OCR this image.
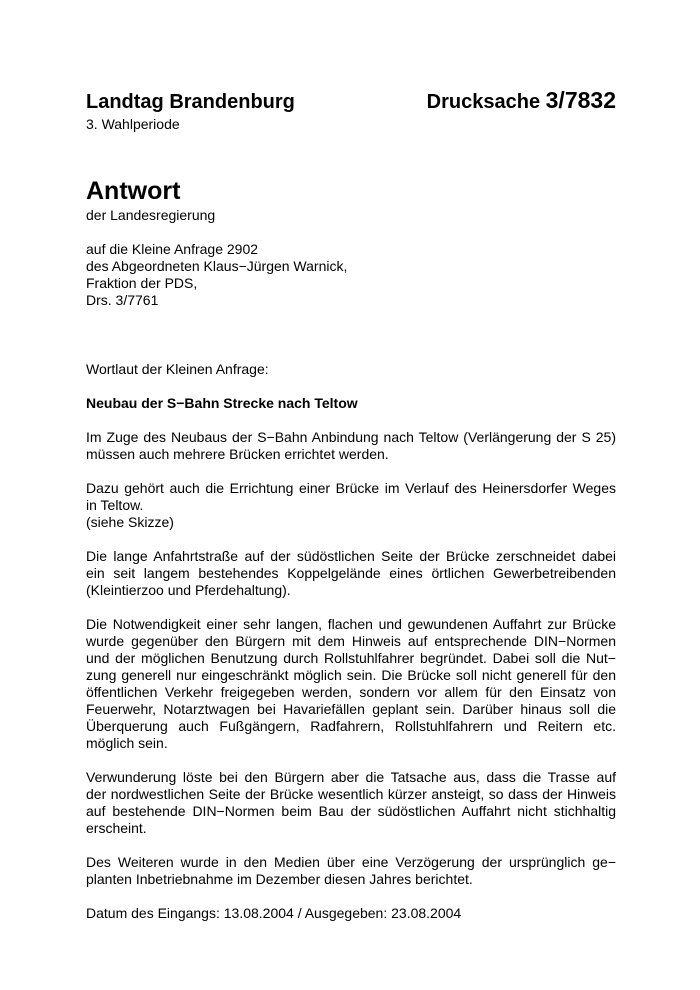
Landtag Brandenburg	Drucksache 3/7832
3. Wahlperiode
Antwort
der Landesregierung
auf die Kleine Anfrage 2902
des Abgeordneten Klaus−Jürgen Warnick,
Fraktion der PDS,
Drs. 3/7761
Wortlaut der Kleinen Anfrage:
Neubau der S−Bahn Strecke nach Teltow
Im Zuge des Neubaus der S−Bahn Anbindung nach Teltow (Verlängerung der S 25)
müssen auch mehrere Brücken errichtet werden.
Dazu gehört auch die Errichtung einer Brücke im Verlauf des Heinersdorfer Weges
in Teltow.
(siehe Skizze)
Die lange Anfahrtstraße auf der südöstlichen Seite der Brücke zerschneidet dabei
ein seit langem bestehendes Koppelgelände eines örtlichen Gewerbetreibenden
(Kleintierzoo und Pferdehaltung).
Die Notwendigkeit einer sehr langen, flachen und gewundenen Auffahrt zur Brücke
wurde gegenüber den Bürgern mit dem Hinweis auf entsprechende DIN−Normen
und der möglichen Benutzung durch Rollstuhlfahrer begründet. Dabei soll die Nut−
zung generell nur eingeschränkt möglich sein. Die Brücke soll nicht generell für den
öffentlichen Verkehr freigegeben werden, sondern vor allem für den Einsatz von
Feuerwehr, Notarztwagen bei Havariefällen geplant sein. Darüber hinaus soll die
Überquerung auch Fußgängern, Radfahrern, Rollstuhlfahrern und Reitern etc.
möglich sein.
Verwunderung löste bei den Bürgern aber die Tatsache aus, dass die Trasse auf
der nordwestlichen Seite der Brücke wesentlich kürzer ansteigt, so dass der Hinweis
auf bestehende DIN−Normen beim Bau der südöstlichen Auffahrt nicht stichhaltig
erscheint.
Des Weiteren wurde in den Medien über eine Verzögerung der ursprünglich ge−
planten Inbetriebnahme im Dezember diesen Jahres berichtet.
Datum des Eingangs: 13.08.2004 / Ausgegeben: 23.08.2004
